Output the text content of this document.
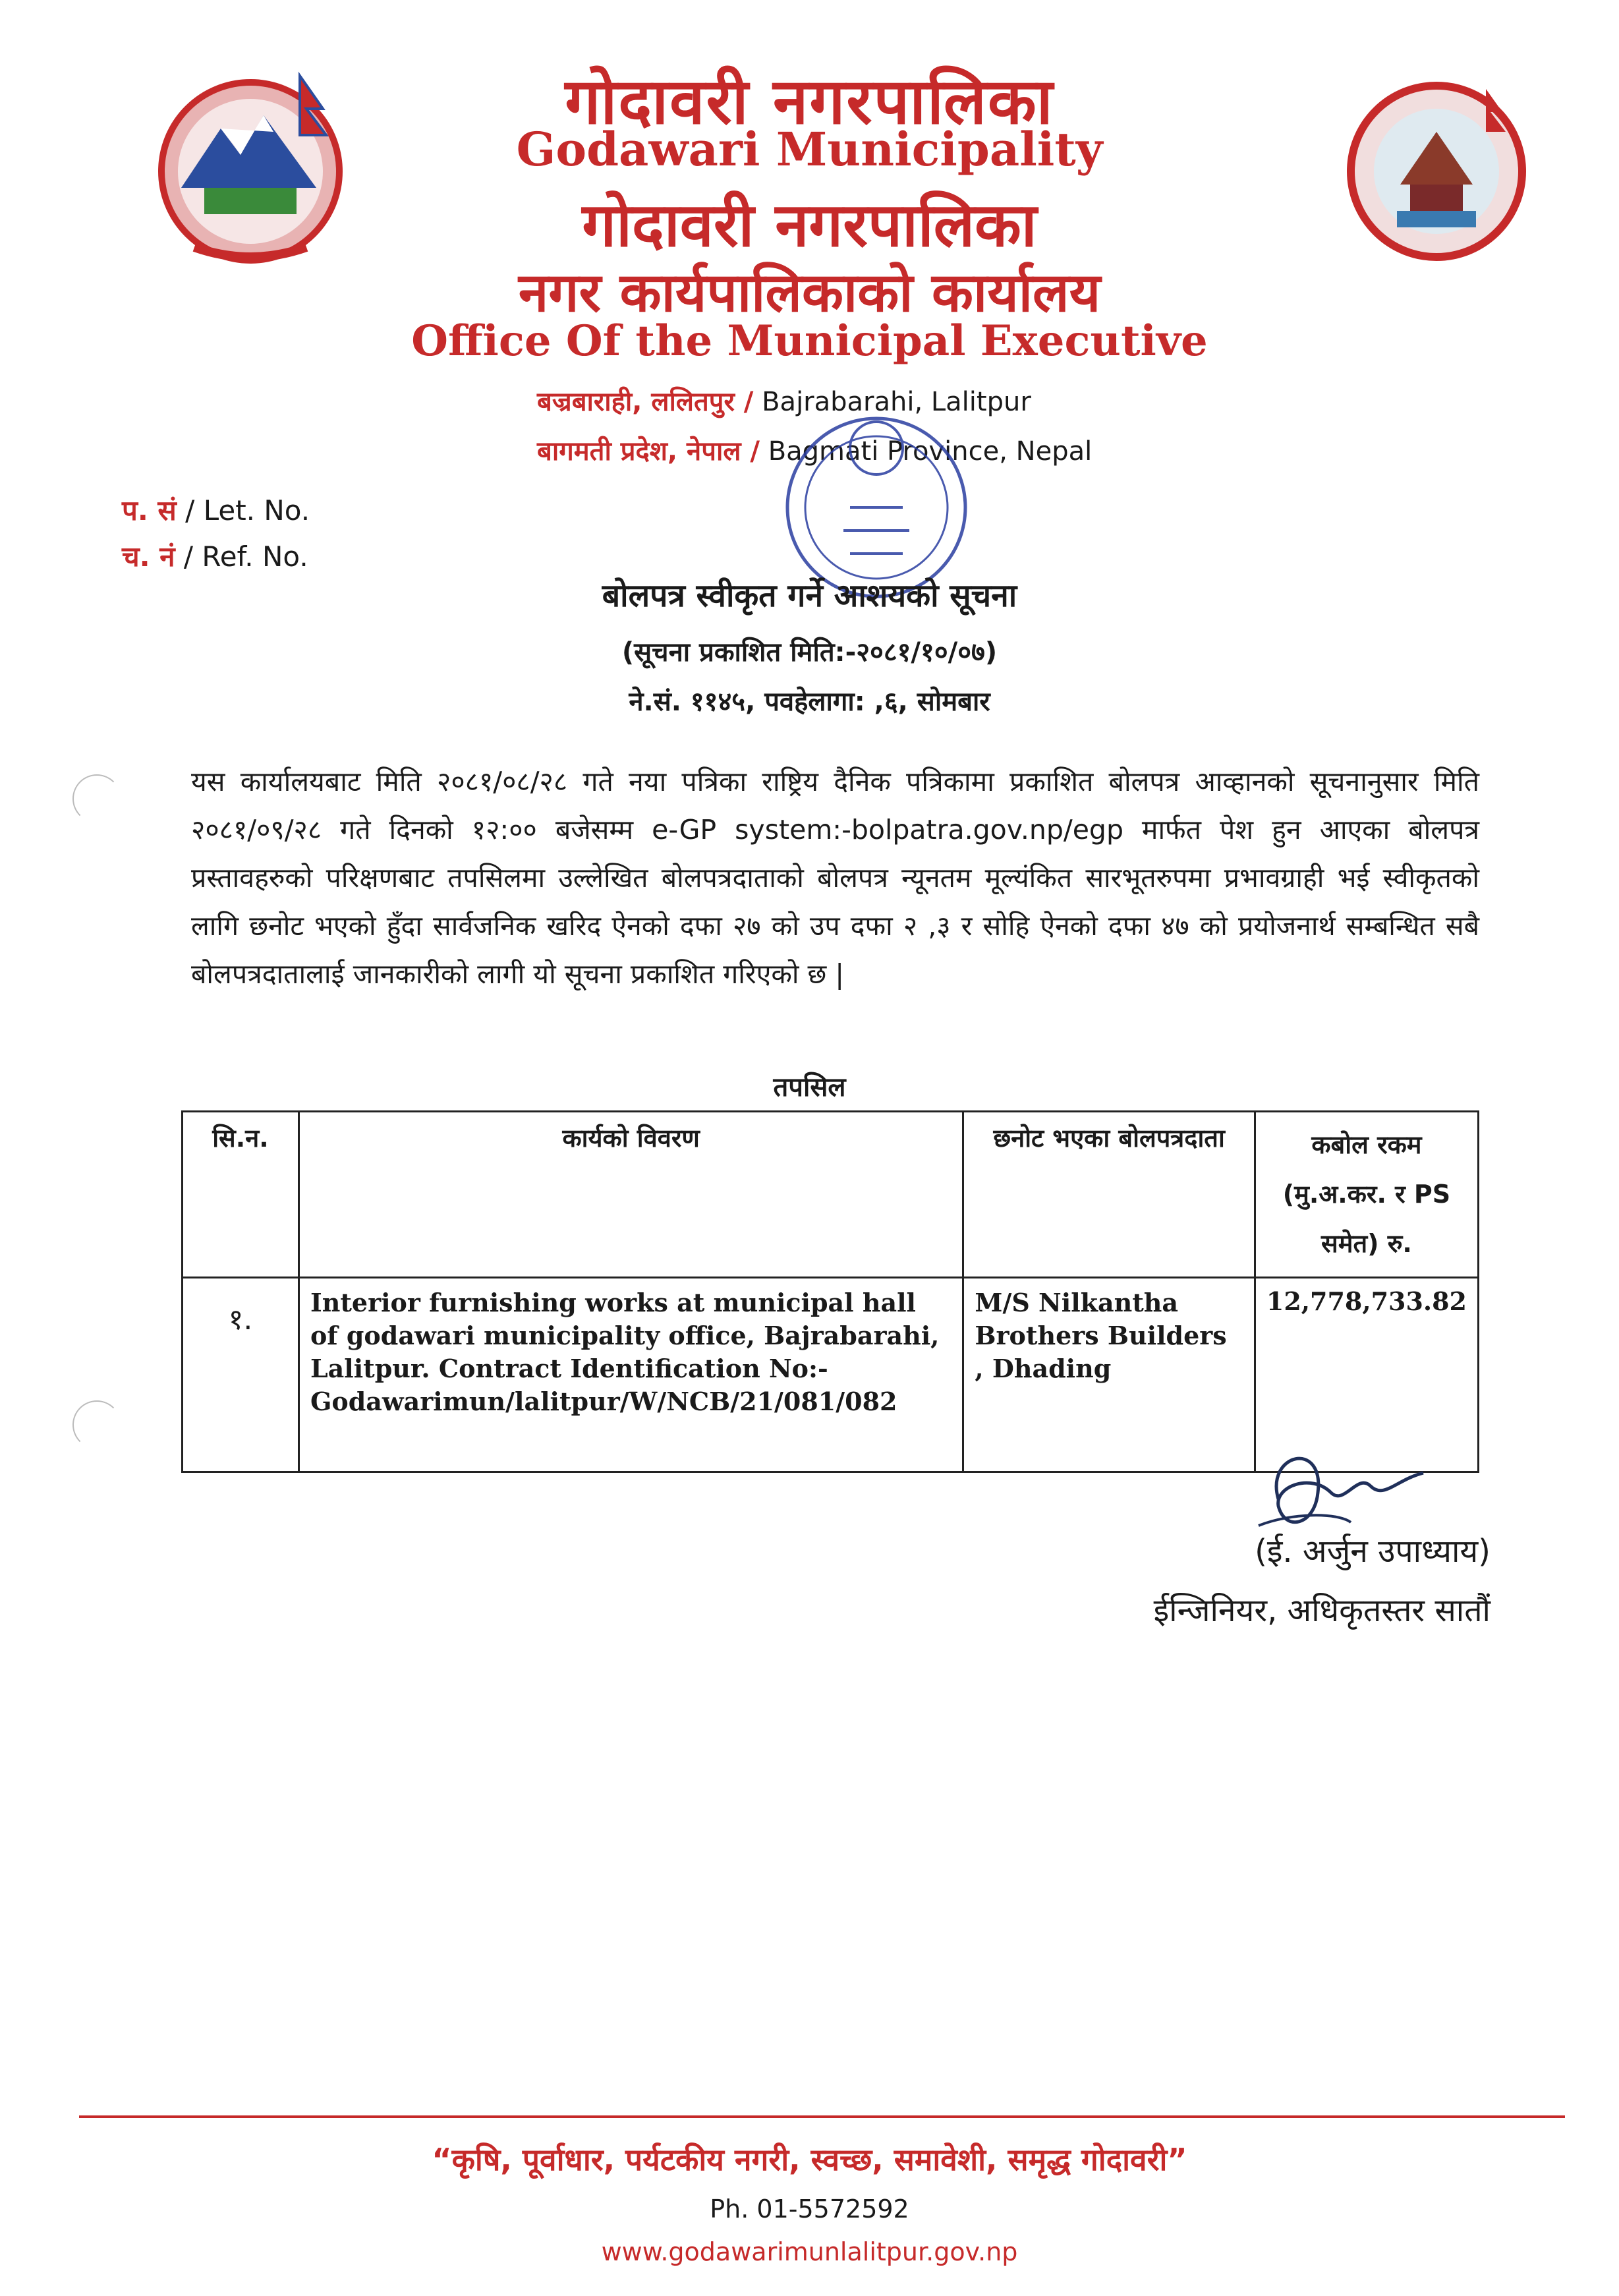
गोदावरी नगरपालिका
Godawari Municipality
गोदावरी नगरपालिका
नगर कार्यपालिकाको कार्यालय
Office Of the Municipal Executive
बज्रबाराही, ललितपुर / Bajrabarahi, Lalitpur
बागमती प्रदेश, नेपाल / Bagmati Province, Nepal
प. सं / Let. No.
च. नं / Ref. No.
बोलपत्र स्वीकृत गर्ने आशयको सूचना
(सूचना प्रकाशित मिति:-२०८१/१०/०७)
ने.सं. ११४५, पवहेलागा: ,६, सोमबार
यस कार्यालयबाट मिति २०८१/०८/२८ गते नया पत्रिका राष्ट्रिय दैनिक पत्रिकामा प्रकाशित बोलपत्र आव्हानको सूचनानुसार मिति २०८१/०९/२८ गते दिनको १२:०० बजेसम्म e-GP system:-bolpatra.gov.np/egp मार्फत पेश हुन आएका बोलपत्र प्रस्तावहरुको परिक्षणबाट तपसिलमा उल्लेखित बोलपत्रदाताको बोलपत्र न्यूनतम मूल्यंकित सारभूतरुपमा प्रभावग्राही भई स्वीकृतको लागि छनोट भएको हुँदा सार्वजनिक खरिद ऐनको दफा २७ को उप दफा २ ,३ र सोहि ऐनको दफा ४७ को प्रयोजनार्थ सम्बन्धित सबै बोलपत्रदातालाई जानकारीको लागी यो सूचना प्रकाशित गरिएको छ |
तपसिल
सि.न.	कार्यको विवरण	छनोट भएका बोलपत्रदाता	कबोल रकम (मु.अ.कर. र PS समेत) रु.
१.	Interior furnishing works at municipal hall of godawari municipality office, Bajrabarahi, Lalitpur. Contract Identification No:- Godawarimun/lalitpur/W/NCB/21/081/082	M/S Nilkantha Brothers Builders , Dhading	12,778,733.82
(ई. अर्जुन उपाध्याय)
ईन्जिनियर, अधिकृतस्तर सातौं
“कृषि, पूर्वाधार, पर्यटकीय नगरी, स्वच्छ, समावेशी, समृद्ध गोदावरी”
Ph. 01-5572592
www.godawarimunlalitpur.gov.np
